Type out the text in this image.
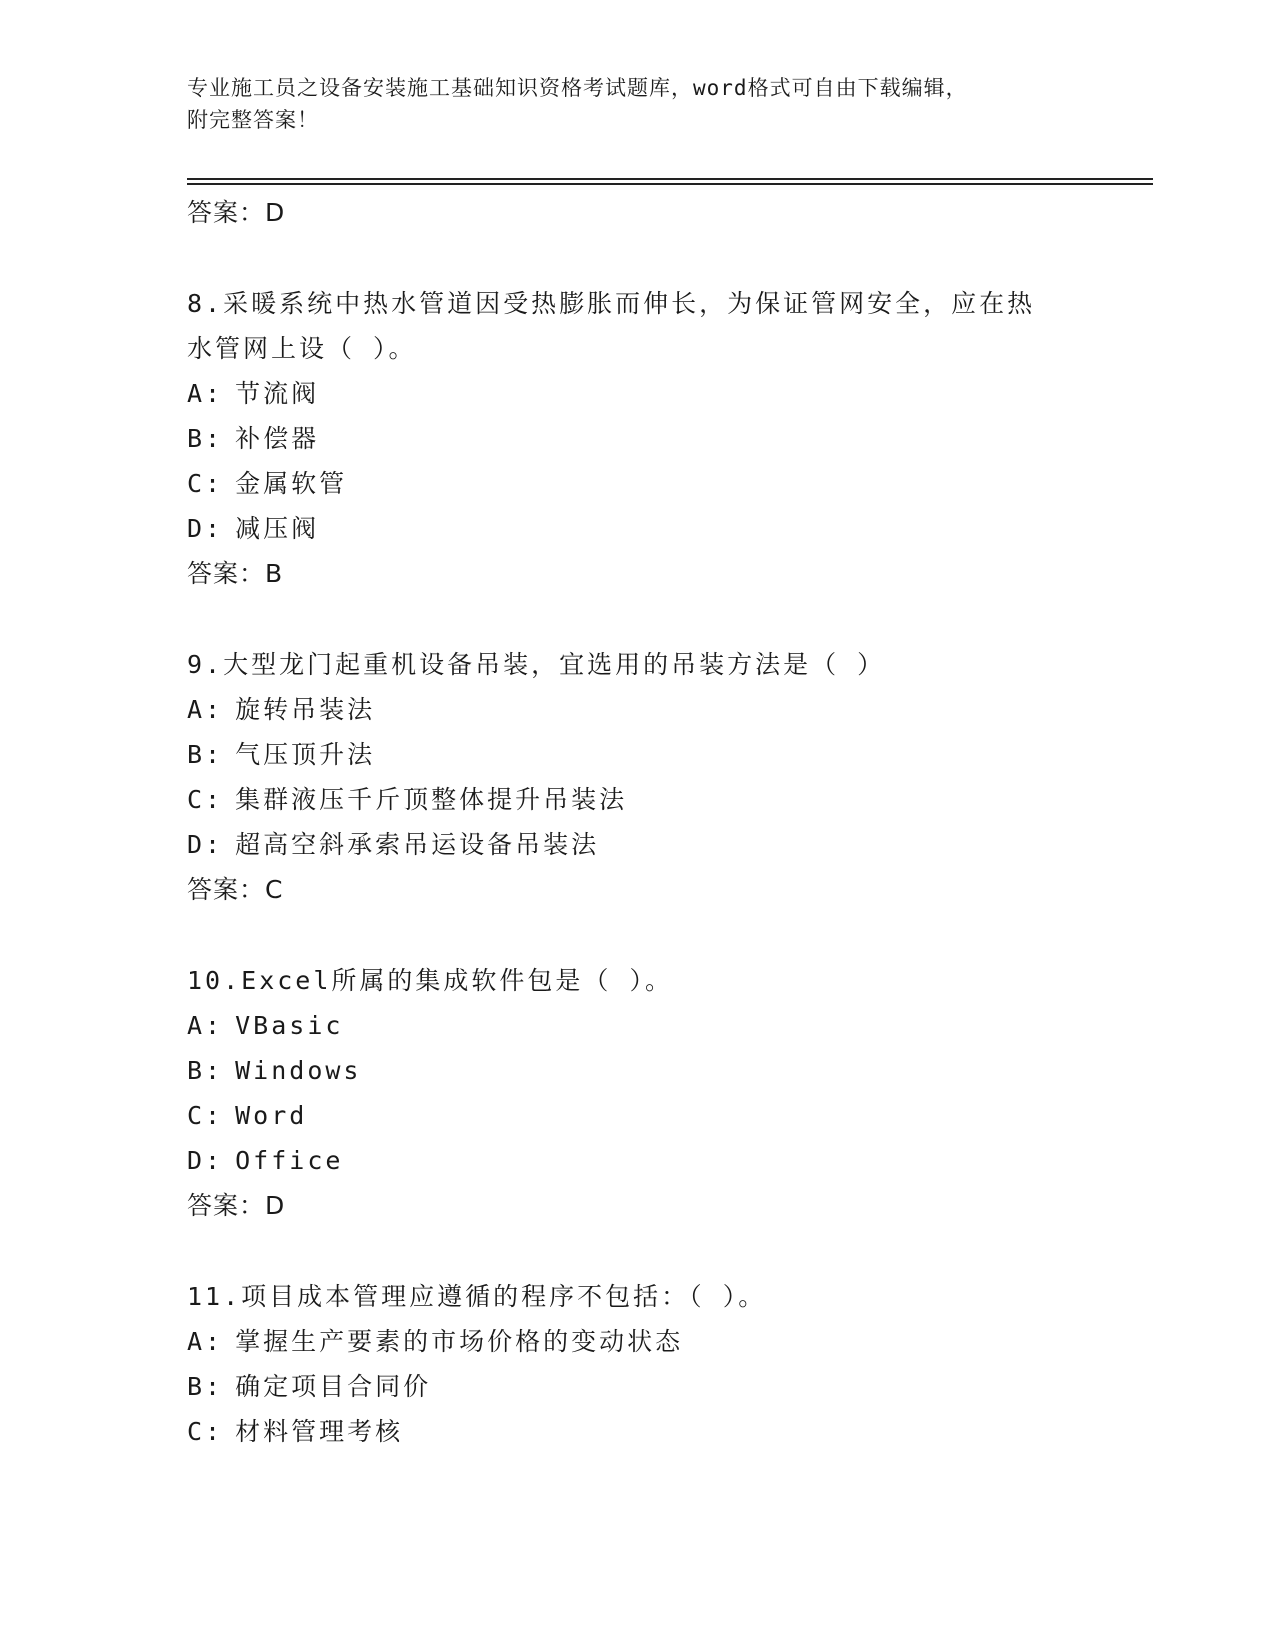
专业施工员之设备安装施工基础知识资格考试题库，word格式可自由下载编辑，
附完整答案！
答案：D
8.采暖系统中热水管道因受热膨胀而伸长，为保证管网安全，应在热
水管网上设（ ）。
A: 节流阀
B: 补偿器
C: 金属软管
D: 减压阀
答案：B
9.大型龙门起重机设备吊装，宜选用的吊装方法是（ ）
A: 旋转吊装法
B: 气压顶升法
C: 集群液压千斤顶整体提升吊装法
D: 超高空斜承索吊运设备吊装法
答案：C
10.Excel所属的集成软件包是（ ）。
A: VBasic
B: Windows
C: Word
D: Office
答案：D
11.项目成本管理应遵循的程序不包括：（ ）。
A: 掌握生产要素的市场价格的变动状态
B: 确定项目合同价
C: 材料管理考核
